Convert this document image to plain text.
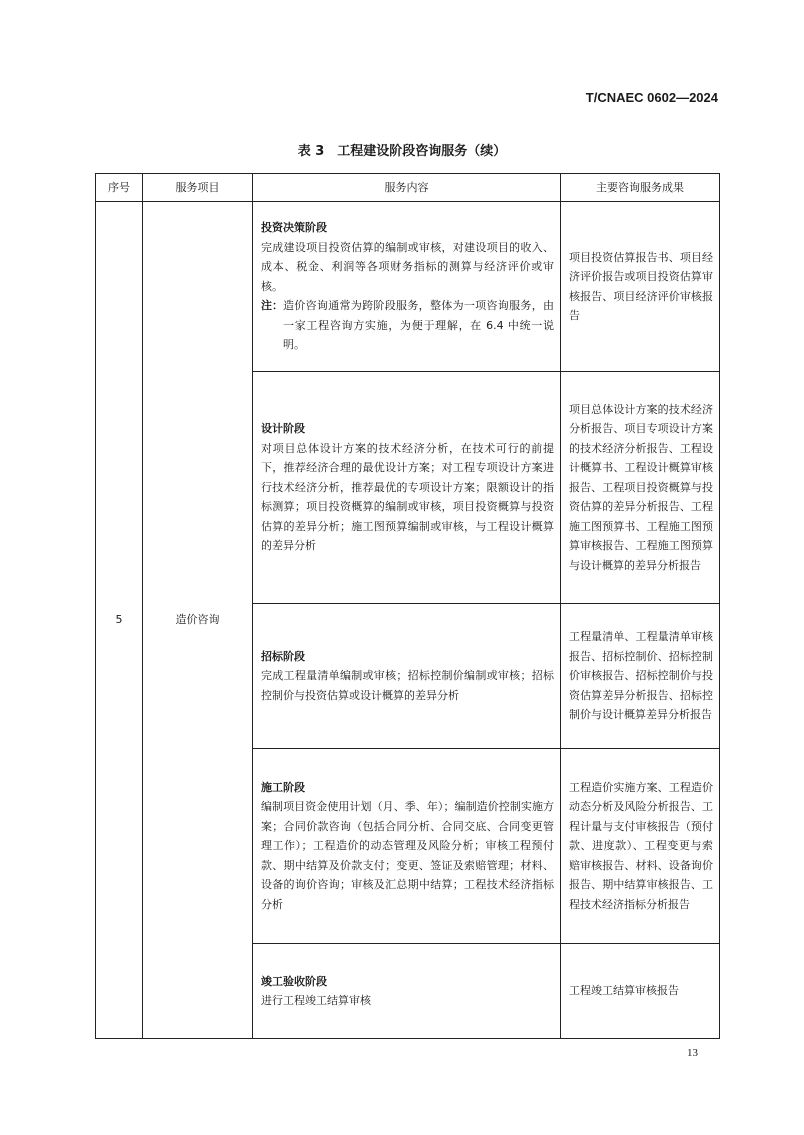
T/CNAEC 0602—2024
表 3　工程建设阶段咨询服务（续）
序号	服务项目	服务内容	主要咨询服务成果
5	造价咨询	投资决策阶段
完成建设项目投资估算的编制或审核，对建设项目的收入、成本、税金、利润等各项财务指标的测算与经济评价或审核。
注： 造价咨询通常为跨阶段服务，整体为一项咨询服务，由一家工程咨询方实施，为便于理解，在 6.4 中统一说明。	项目投资估算报告书、项目经济评价报告或项目投资估算审核报告、项目经济评价审核报告

		设计阶段
对项目总体设计方案的技术经济分析，在技术可行的前提下，推荐经济合理的最优设计方案；对工程专项设计方案进行技术经济分析，推荐最优的专项设计方案；限额设计的指标测算；项目投资概算的编制或审核，项目投资概算与投资估算的差异分析；施工图预算编制或审核，与工程设计概算的差异分析	项目总体设计方案的技术经济分析报告、项目专项设计方案的技术经济分析报告、工程设计概算书、工程设计概算审核报告、工程项目投资概算与投资估算的差异分析报告、工程施工图预算书、工程施工图预算审核报告、工程施工图预算与设计概算的差异分析报告

		招标阶段
完成工程量清单编制或审核；招标控制价编制或审核；招标控制价与投资估算或设计概算的差异分析	工程量清单、工程量清单审核报告、招标控制价、招标控制价审核报告、招标控制价与投资估算差异分析报告、招标控制价与设计概算差异分析报告

		施工阶段
编制项目资金使用计划（月、季、年）；编制造价控制实施方案；合同价款咨询（包括合同分析、合同交底、合同变更管理工作）；工程造价的动态管理及风险分析；审核工程预付款、期中结算及价款支付；变更、签证及索赔管理；材料、设备的询价咨询；审核及汇总期中结算；工程技术经济指标分析	工程造价实施方案、工程造价动态分析及风险分析报告、工程计量与支付审核报告（预付款、进度款）、工程变更与索赔审核报告、材料、设备询价报告、期中结算审核报告、工程技术经济指标分析报告

		竣工验收阶段
进行工程竣工结算审核	工程竣工结算审核报告
13
